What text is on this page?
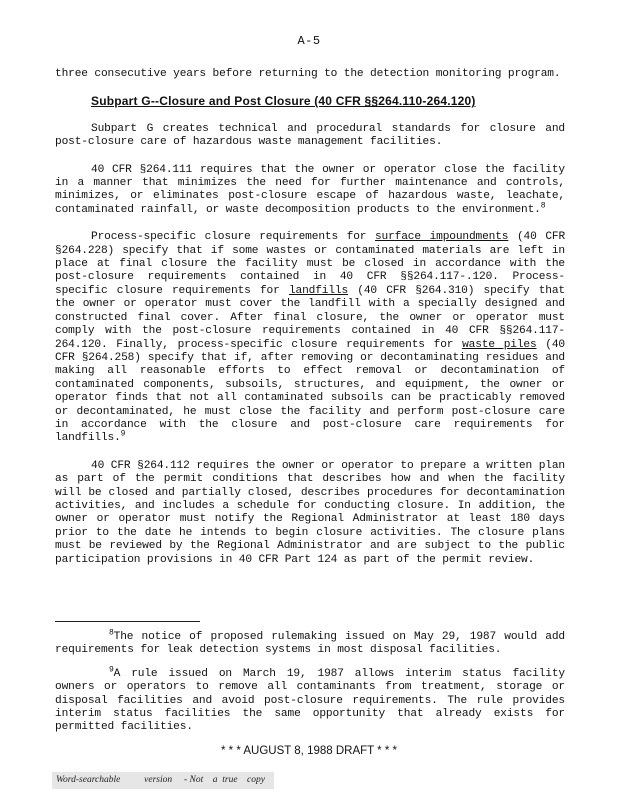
A-5

three consecutive years before returning to the detection monitoring program.

Subpart G--Closure and Post Closure (40 CFR §§264.110-264.120)

Subpart G creates technical and procedural standards for closure and post-closure care of hazardous waste management facilities.

40 CFR §264.111 requires that the owner or operator close the facility in a manner that minimizes the need for further maintenance and controls, minimizes, or eliminates post-closure escape of hazardous waste, leachate, contaminated rainfall, or waste decomposition products to the environment.$^8$

Process-specific closure requirements for surface impoundments (40 CFR §264.228) specify that if some wastes or contaminated materials are left in place at final closure the facility must be closed in accordance with the post-closure requirements contained in 40 CFR §§264.117-.120. Process-specific closure requirements for landfills (40 CFR §264.310) specify that the owner or operator must cover the landfill with a specially designed and constructed final cover. After final closure, the owner or operator must comply with the post-closure requirements contained in 40 CFR §§264.117-264.120. Finally, process-specific closure requirements for waste piles (40 CFR §264.258) specify that if, after removing or decontaminating residues and making all reasonable efforts to effect removal or decontamination of contaminated components, subsoils, structures, and equipment, the owner or operator finds that not all contaminated subsoils can be practicably removed or decontaminated, he must close the facility and perform post-closure care in accordance with the closure and post-closure care requirements for landfills.$^9$

40 CFR §264.112 requires the owner or operator to prepare a written plan as part of the permit conditions that describes how and when the facility will be closed and partially closed, describes procedures for decontamination activities, and includes a schedule for conducting closure. In addition, the owner or operator must notify the Regional Administrator at least 180 days prior to the date he intends to begin closure activities. The closure plans must be reviewed by the Regional Administrator and are subject to the public participation provisions in 40 CFR Part 124 as part of the permit review.

$^8$The notice of proposed rulemaking issued on May 29, 1987 would add requirements for leak detection systems in most disposal facilities.

$^9$A rule issued on March 19, 1987 allows interim status facility owners or operators to remove all contaminants from treatment, storage or disposal facilities and avoid post-closure requirements. The rule provides interim status facilities the same opportunity that already exists for permitted facilities.

* * * AUGUST 8, 1988 DRAFT * * *
Word-searchable          version     - Not    a  true    copy
